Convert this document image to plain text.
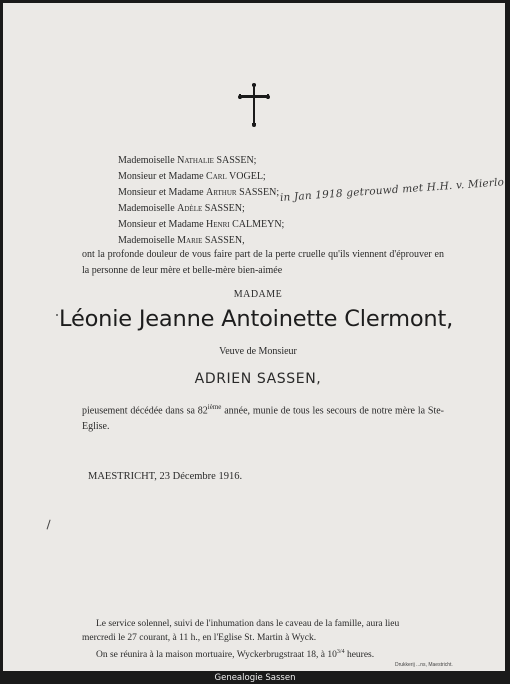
Mademoiselle Nathalie SASSEN;
Monsieur et Madame Carl VOGEL;
Monsieur et Madame Arthur SASSEN;
Mademoiselle Adèle SASSEN;
Monsieur et Madame Henri CALMEYN;
Mademoiselle Marie SASSEN,
in Jan 1918 getrouwd met H.H. v. Mierlo
ont la profonde douleur de vous faire part de la perte cruelle qu'ils viennent d'éprouver en la personne de leur mère et belle-mère bien-aimée
MADAME
Léonie Jeanne Antoinette Clermont,
Veuve de Monsieur
ADRIEN SASSEN,
pieusement décédée dans sa 82ième année, munie de tous les secours de notre mère la Ste-Eglise.
MAESTRICHT, 23 Décembre 1916.
Le service solennel, suivi de l'inhumation dans le caveau de la famille, aura lieu
mercredi le 27 courant, à 11 h., en l'Eglise St. Martin à Wyck.
On se réunira à la maison mortuaire, Wyckerbrugstraat 18, à $10^{3/4}$ heures.
Drukkerij ...ns, Maestricht.
Genealogie Sassen
